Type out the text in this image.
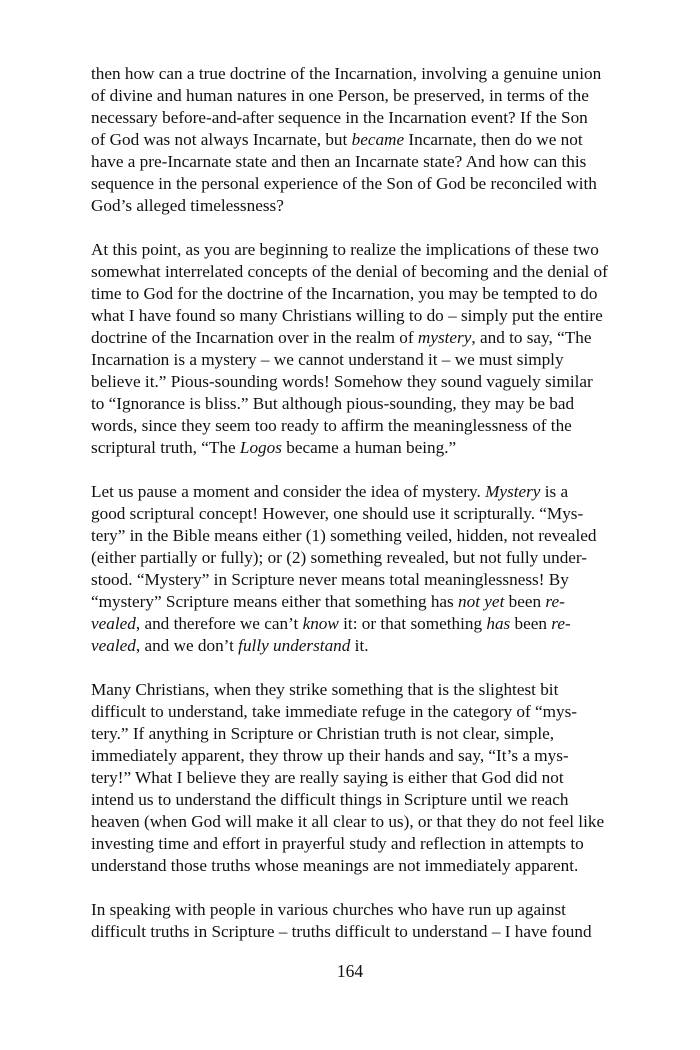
then how can a true doctrine of the Incarnation, involving a genuine union
of divine and human natures in one Person, be preserved, in terms of the
necessary before-and-after sequence in the Incarnation event? If the Son
of God was not always Incarnate, but became Incarnate, then do we not
have a pre-Incarnate state and then an Incarnate state? And how can this
sequence in the personal experience of the Son of God be reconciled with
God’s alleged timelessness?
At this point, as you are beginning to realize the implications of these two
somewhat interrelated concepts of the denial of becoming and the denial of
time to God for the doctrine of the Incarnation, you may be tempted to do
what I have found so many Christians willing to do – simply put the entire
doctrine of the Incarnation over in the realm of mystery, and to say, “The
Incarnation is a mystery – we cannot understand it – we must simply
believe it.” Pious-sounding words! Somehow they sound vaguely similar
to “Ignorance is bliss.” But although pious-sounding, they may be bad
words, since they seem too ready to affirm the meaninglessness of the
scriptural truth, “The Logos became a human being.”
Let us pause a moment and consider the idea of mystery. Mystery is a
good scriptural concept! However, one should use it scripturally. “Mys-
tery” in the Bible means either (1) something veiled, hidden, not revealed
(either partially or fully); or (2) something revealed, but not fully under-
stood. “Mystery” in Scripture never means total meaninglessness! By
“mystery” Scripture means either that something has not yet been re-
vealed, and therefore we can’t know it: or that something has been re-
vealed, and we don’t fully understand it.
Many Christians, when they strike something that is the slightest bit
difficult to understand, take immediate refuge in the category of “mys-
tery.” If anything in Scripture or Christian truth is not clear, simple,
immediately apparent, they throw up their hands and say, “It’s a mys-
tery!” What I believe they are really saying is either that God did not
intend us to understand the difficult things in Scripture until we reach
heaven (when God will make it all clear to us), or that they do not feel like
investing time and effort in prayerful study and reflection in attempts to
understand those truths whose meanings are not immediately apparent.
In speaking with people in various churches who have run up against
difficult truths in Scripture – truths difficult to understand – I have found
164
